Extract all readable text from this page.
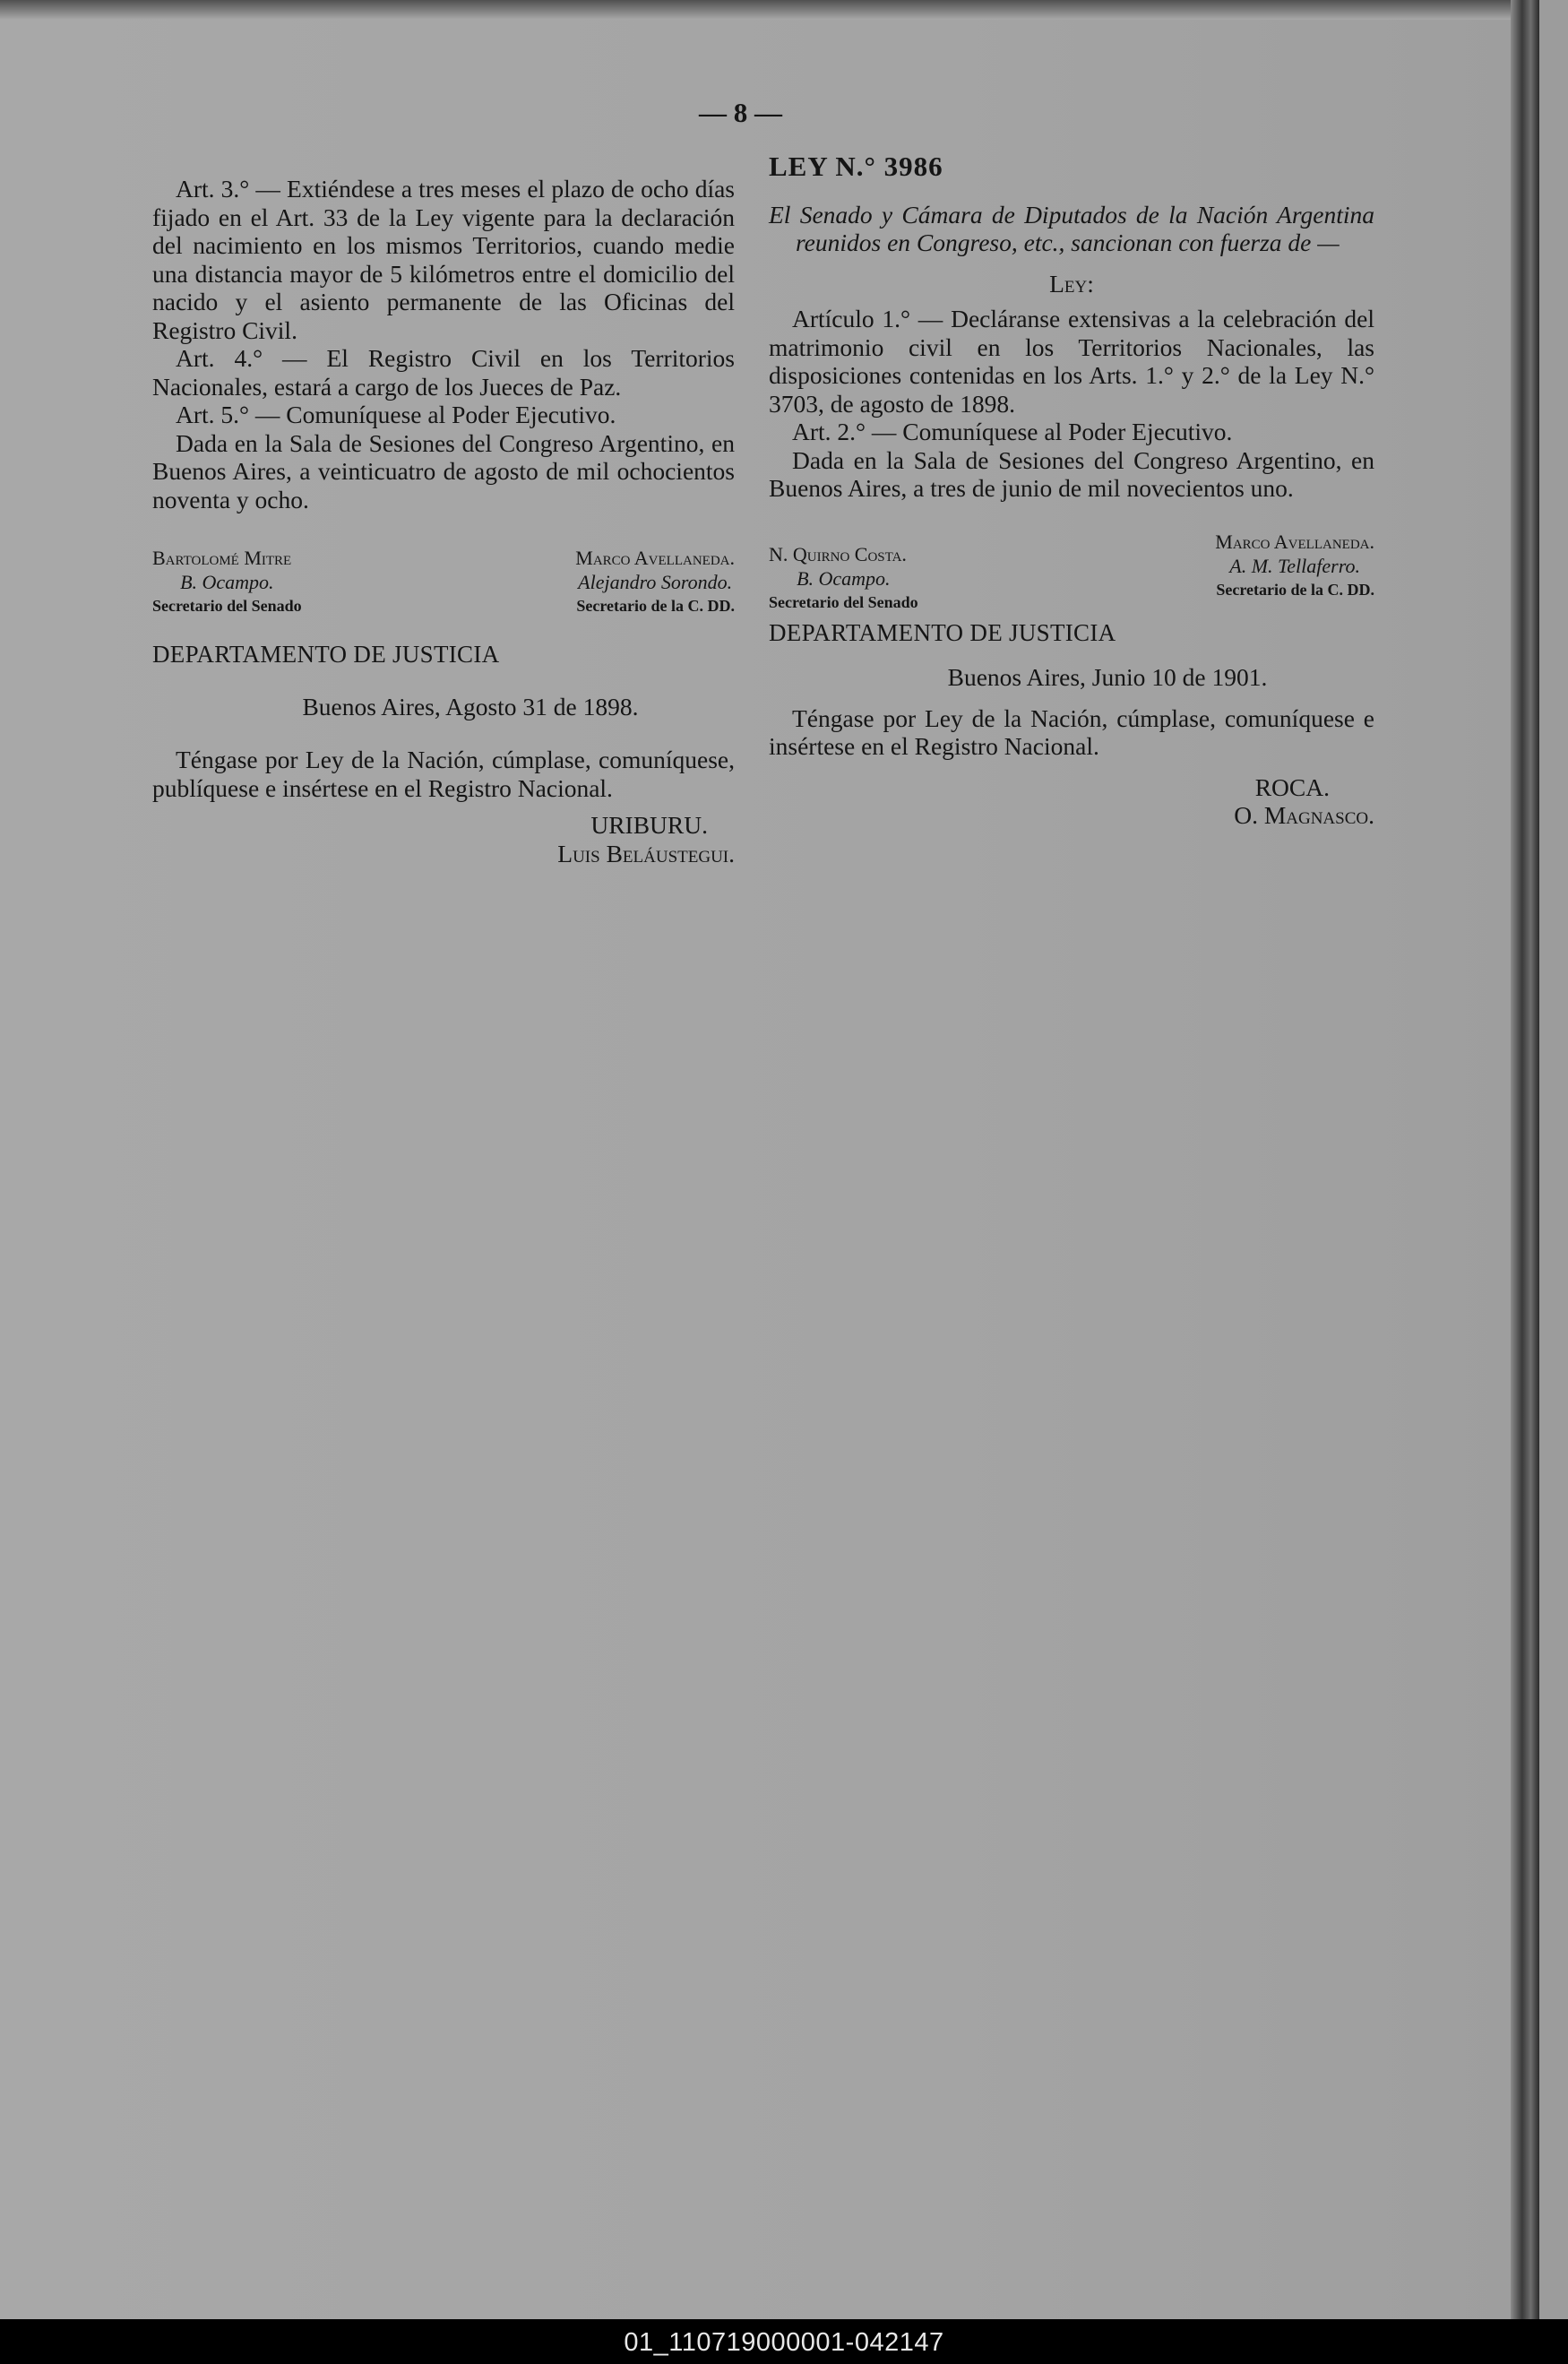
— 8 —

Art. 3.° — Extiéndese a tres meses el plazo de ocho días fijado en el Art. 33 de la Ley vigente para la declaración del nacimiento en los mismos Territorios, cuando medie una distancia mayor de 5 kilómetros entre el domicilio del nacido y el asiento permanente de las Oficinas del Registro Civil.

Art. 4.° — El Registro Civil en los Territorios Nacionales, estará a cargo de los Jueces de Paz.

Art. 5.° — Comuníquese al Poder Ejecutivo.

Dada en la Sala de Sesiones del Congreso Argentino, en Buenos Aires, a veinticuatro de agosto de mil ochocientos noventa y ocho.

Bartolomé Mitre
B. Ocampo.
Secretario del Senado
Marco Avellaneda.
Alejandro Sorondo.
Secretario de la C. DD.

DEPARTAMENTO DE JUSTICIA

Buenos Aires, Agosto 31 de 1898.

Téngase por Ley de la Nación, cúmplase, comuníquese, publíquese e insértese en el Registro Nacional.

URIBURU.

Luis Beláustegui.

LEY N.° 3986

El Senado y Cámara de Diputados de la Nación Argentina reunidos en Congreso, etc., sancionan con fuerza de —

Ley:

Artículo 1.° — Decláranse extensivas a la celebración del matrimonio civil en los Territorios Nacionales, las disposiciones contenidas en los Arts. 1.° y 2.° de la Ley N.° 3703, de agosto de 1898.

Art. 2.° — Comuníquese al Poder Ejecutivo.

Dada en la Sala de Sesiones del Congreso Argentino, en Buenos Aires, a tres de junio de mil novecientos uno.

N. Quirno Costa.
B. Ocampo.
Secretario del Senado
Marco Avellaneda.
A. M. Tellaferro.
Secretario de la C. DD.

DEPARTAMENTO DE JUSTICIA

Buenos Aires, Junio 10 de 1901.

Téngase por Ley de la Nación, cúmplase, comuníquese e insértese en el Registro Nacional.

ROCA.

O. Magnasco.

01_110719000001-042147
